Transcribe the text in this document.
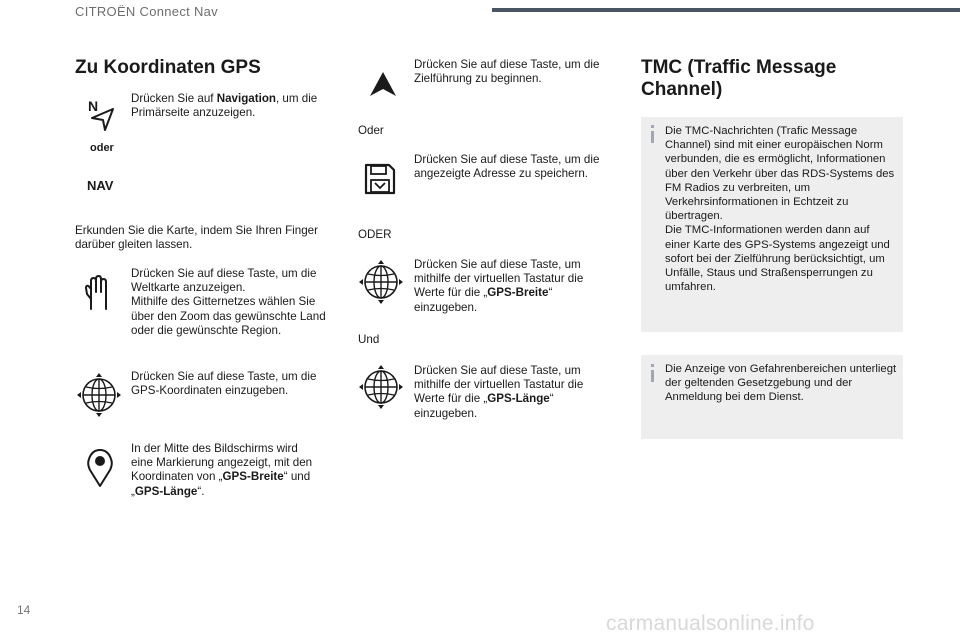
CITROËN Connect Nav
Zu Koordinaten GPS
N
oder
NAV
Drücken Sie auf Navigation, um die Primärseite anzuzeigen.
Erkunden Sie die Karte, indem Sie Ihren Finger darüber gleiten lassen.
Drücken Sie auf diese Taste, um die Weltkarte anzuzeigen.
Mithilfe des Gitternetzes wählen Sie über den Zoom das gewünschte Land oder die gewünschte Region.
Drücken Sie auf diese Taste, um die GPS-Koordinaten einzugeben.
In der Mitte des Bildschirms wird eine Markierung angezeigt, mit den Koordinaten von „GPS-Breite“ und „GPS-Länge“.
Drücken Sie auf diese Taste, um die Zielführung zu beginnen.
Oder
Drücken Sie auf diese Taste, um die angezeigte Adresse zu speichern.
ODER
Drücken Sie auf diese Taste, um mithilfe der virtuellen Tastatur die Werte für die „GPS-Breite“ einzugeben.
Und
Drücken Sie auf diese Taste, um mithilfe der virtuellen Tastatur die Werte für die „GPS-Länge“ einzugeben.
TMC (Traffic Message Channel)
Die TMC-Nachrichten (Trafic Message Channel) sind mit einer europäischen Norm verbunden, die es ermöglicht, Informationen über den Verkehr über das RDS-Systems des FM Radios zu verbreiten, um Verkehrsinformationen in Echtzeit zu übertragen.
Die TMC-Informationen werden dann auf einer Karte des GPS-Systems angezeigt und sofort bei der Zielführung berücksichtigt, um Unfälle, Staus und Straßensperrungen zu umfahren.
Die Anzeige von Gefahrenbereichen unterliegt der geltenden Gesetzgebung und der Anmeldung bei dem Dienst.
14
carmanualsonline.info
